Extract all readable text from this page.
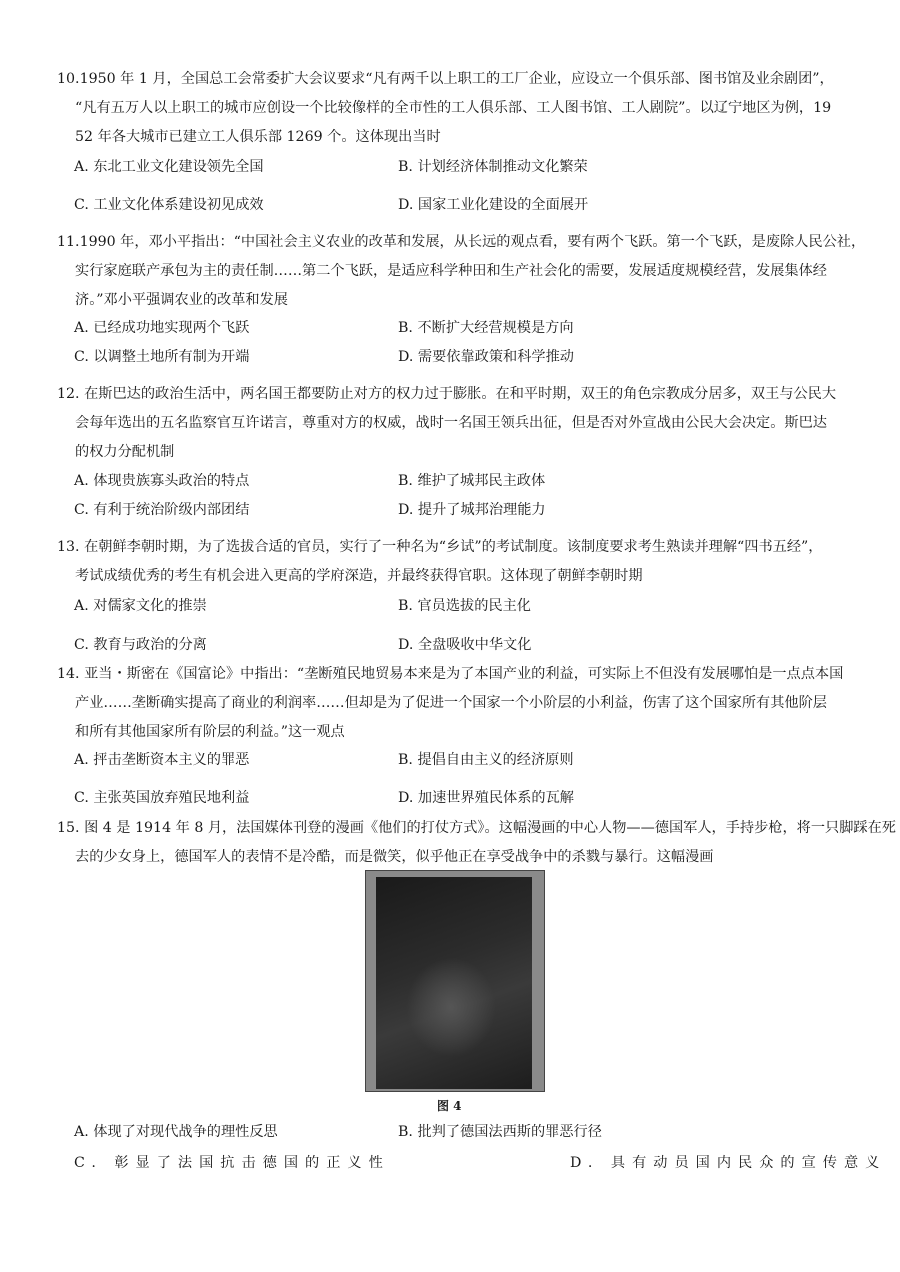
10.1950 年 1 月，全国总工会常委扩大会议要求“凡有两千以上职工的工厂企业，应设立一个俱乐部、图书馆及业余剧团”，
“凡有五万人以上职工的城市应创设一个比较像样的全市性的工人俱乐部、工人图书馆、工人剧院”。以辽宁地区为例，19
52 年各大城市已建立工人俱乐部 1269 个。这体现出当时
A. 东北工业文化建设领先全国	B. 计划经济体制推动文化繁荣
C. 工业文化体系建设初见成效	D. 国家工业化建设的全面展开
11.1990 年，邓小平指出：“中国社会主义农业的改革和发展，从长远的观点看，要有两个飞跃。第一个飞跃，是废除人民公社，
实行家庭联产承包为主的责任制……第二个飞跃，是适应科学种田和生产社会化的需要，发展适度规模经营，发展集体经
济。”邓小平强调农业的改革和发展
A. 已经成功地实现两个飞跃	B. 不断扩大经营规模是方向
C. 以调整土地所有制为开端	D. 需要依靠政策和科学推动
12. 在斯巴达的政治生活中，两名国王都要防止对方的权力过于膨胀。在和平时期，双王的角色宗教成分居多，双王与公民大
会每年选出的五名监察官互许诺言，尊重对方的权威，战时一名国王领兵出征，但是否对外宣战由公民大会决定。斯巴达
的权力分配机制
A. 体现贵族寡头政治的特点	B. 维护了城邦民主政体
C. 有利于统治阶级内部团结	D. 提升了城邦治理能力
13. 在朝鲜李朝时期，为了选拔合适的官员，实行了一种名为“乡试”的考试制度。该制度要求考生熟读并理解“四书五经”，
考试成绩优秀的考生有机会进入更高的学府深造，并最终获得官职。这体现了朝鲜李朝时期
A. 对儒家文化的推崇	B. 官员选拔的民主化
C. 教育与政治的分离	D. 全盘吸收中华文化
14. 亚当・斯密在《国富论》中指出：“垄断殖民地贸易本来是为了本国产业的利益，可实际上不但没有发展哪怕是一点点本国
产业……垄断确实提高了商业的利润率……但却是为了促进一个国家一个小阶层的小利益，伤害了这个国家所有其他阶层
和所有其他国家所有阶层的利益。”这一观点
A. 抨击垄断资本主义的罪恶	B. 提倡自由主义的经济原则
C. 主张英国放弃殖民地利益	D. 加速世界殖民体系的瓦解
15. 图 4 是 1914 年 8 月，法国媒体刊登的漫画《他们的打仗方式》。这幅漫画的中心人物——德国军人，手持步枪，将一只脚踩在死
去的少女身上，德国军人的表情不是冷酷，而是微笑，似乎他正在享受战争中的杀戮与暴行。这幅漫画
图 4
A. 体现了对现代战争的理性反思	B. 批判了德国法西斯的罪恶行径
C. 彰显了法国抗击德国的正义性	D. 具有动员国内民众的宣传意义
